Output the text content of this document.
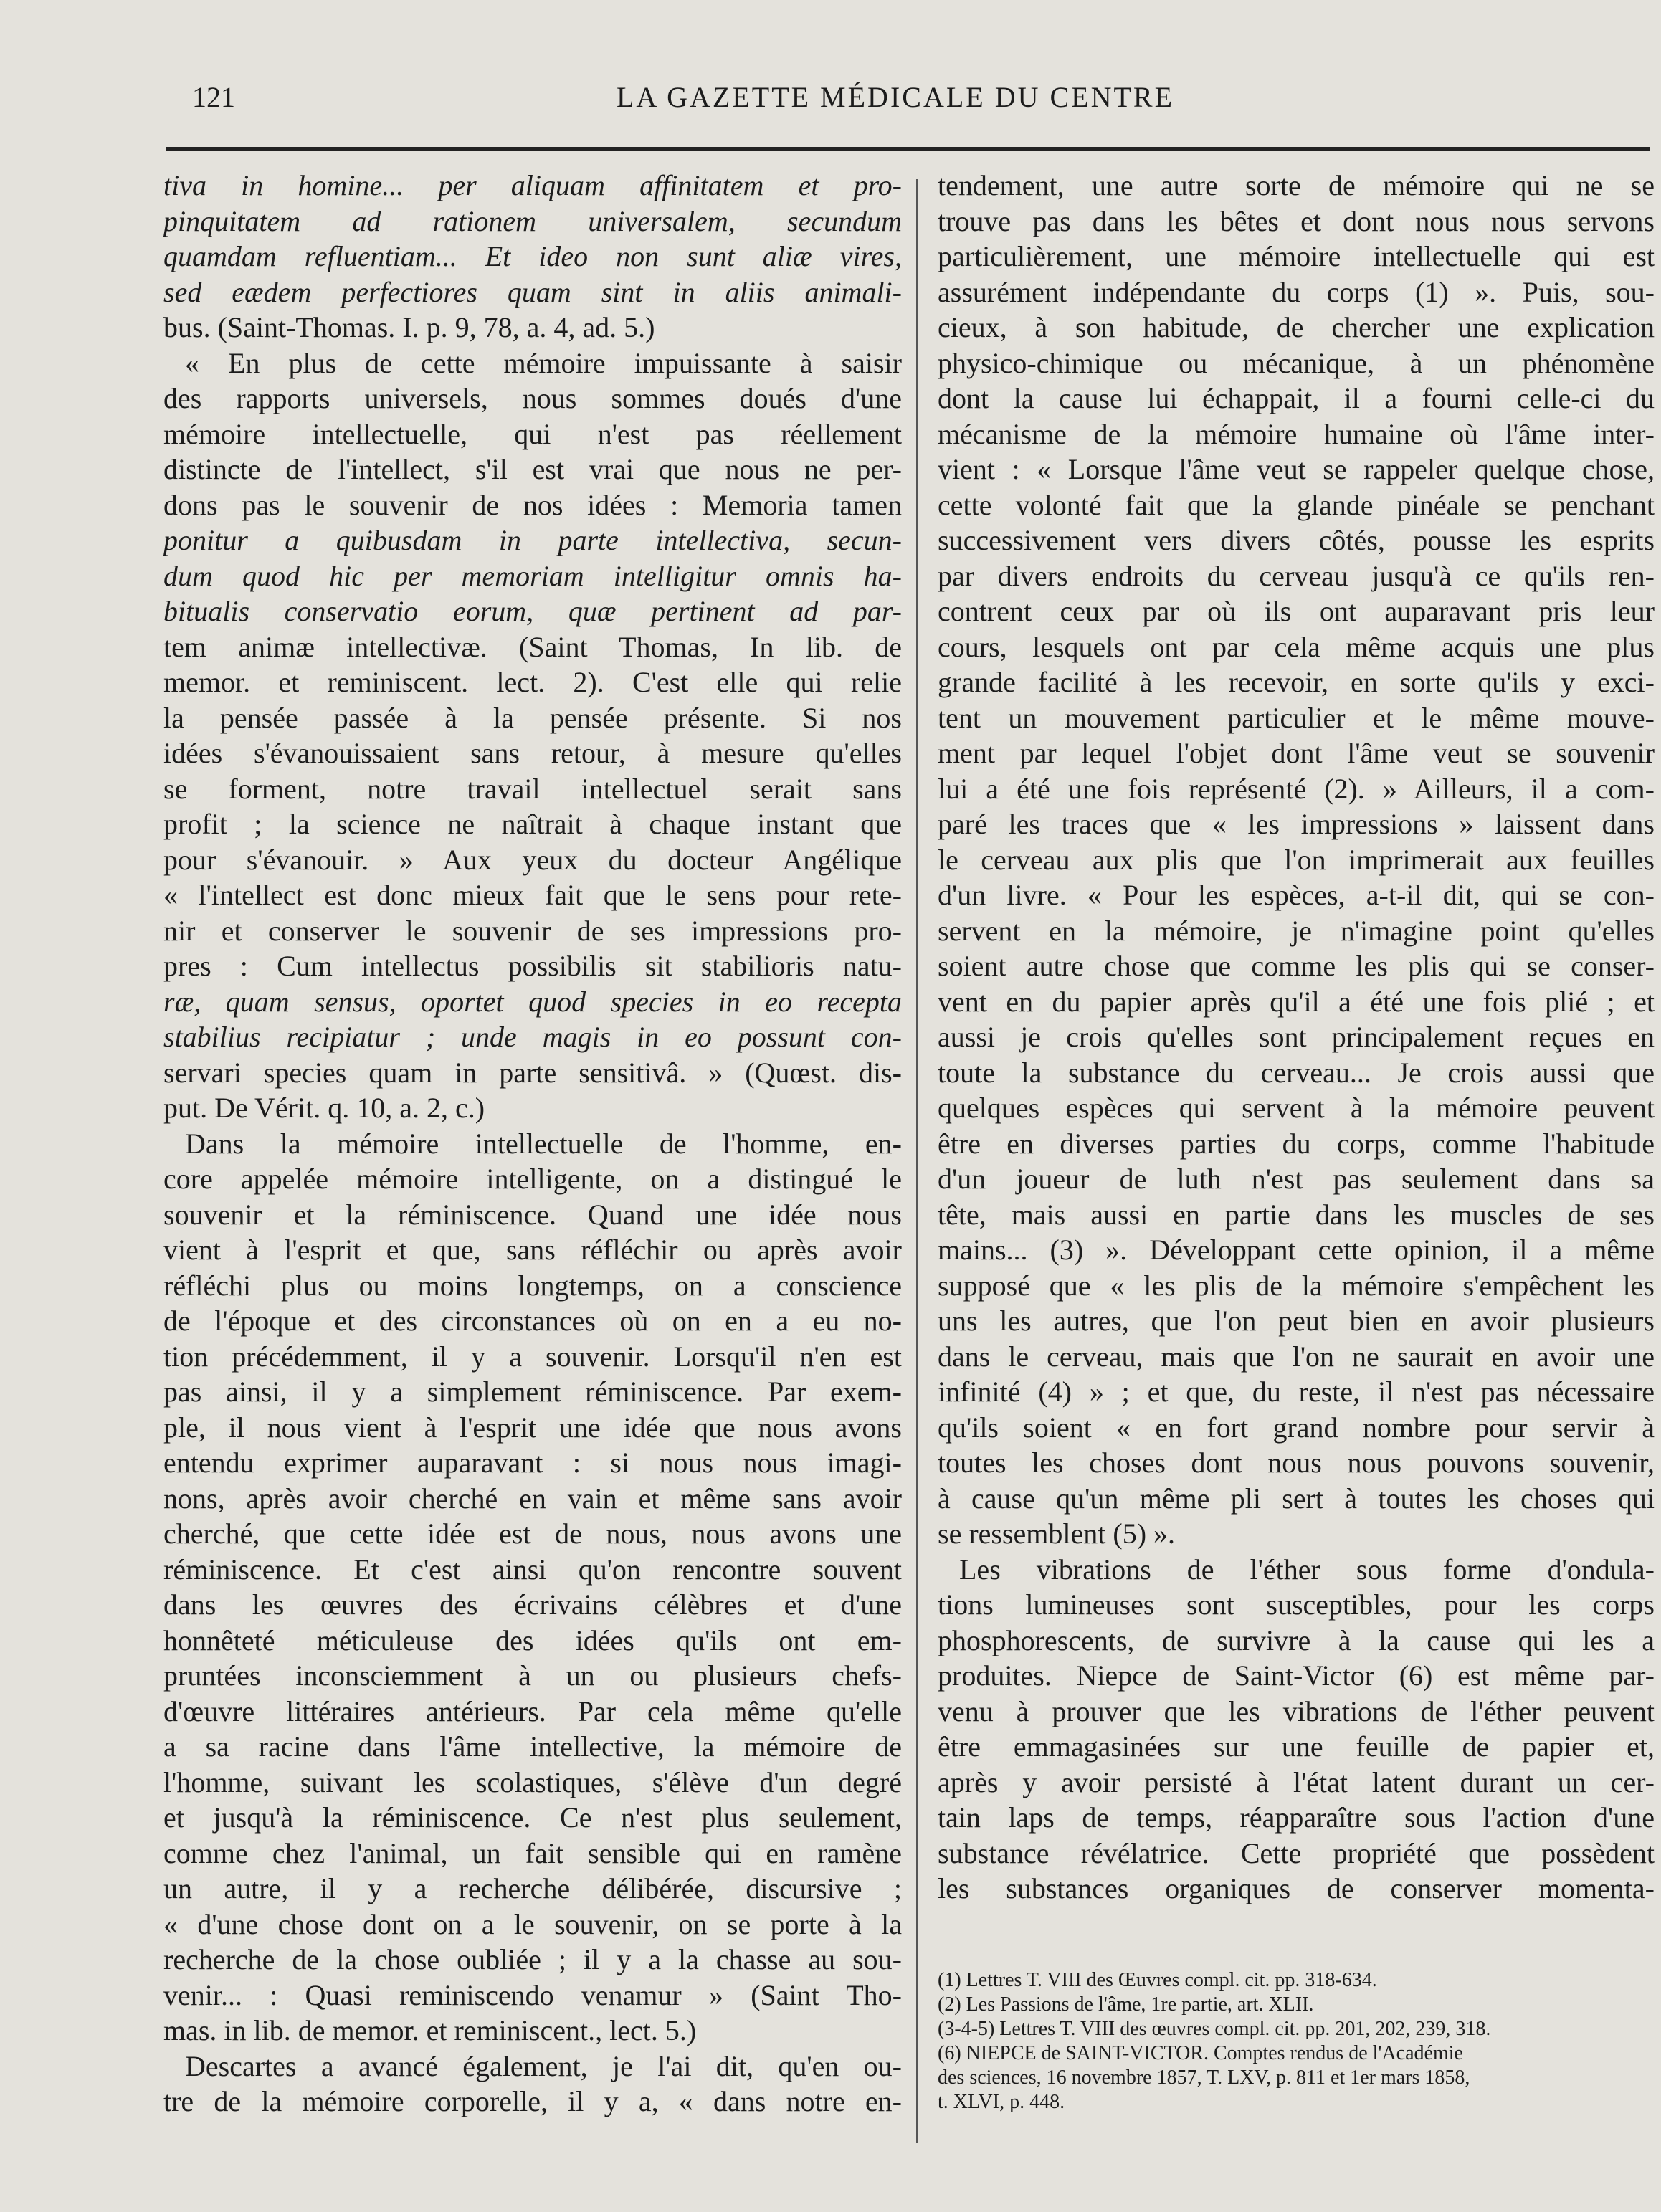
121	LA GAZETTE MÉDICALE DU CENTRE
tiva in homine... per aliquam affinitatem et pro-
pinquitatem ad rationem universalem, secundum
quamdam refluentiam... Et ideo non sunt aliæ vires,
sed eædem perfectiores quam sint in aliis animali-
bus. (Saint-Thomas. I. p. 9, 78, a. 4, ad. 5.)
« En plus de cette mémoire impuissante à saisir
des rapports universels, nous sommes doués d'une
mémoire intellectuelle, qui n'est pas réellement
distincte de l'intellect, s'il est vrai que nous ne per-
dons pas le souvenir de nos idées : Memoria tamen
ponitur a quibusdam in parte intellectiva, secun-
dum quod hic per memoriam intelligitur omnis ha-
bitualis conservatio eorum, quæ pertinent ad par-
tem animæ intellectivæ. (Saint Thomas, In lib. de
memor. et reminiscent. lect. 2). C'est elle qui relie
la pensée passée à la pensée présente. Si nos
idées s'évanouissaient sans retour, à mesure qu'elles
se forment, notre travail intellectuel serait sans
profit ; la science ne naîtrait à chaque instant que
pour s'évanouir. » Aux yeux du docteur Angélique
« l'intellect est donc mieux fait que le sens pour rete-
nir et conserver le souvenir de ses impressions pro-
pres : Cum intellectus possibilis sit stabilioris natu-
ræ, quam sensus, oportet quod species in eo recepta
stabilius recipiatur ; unde magis in eo possunt con-
servari species quam in parte sensitivâ. » (Quœst. dis-
put. De Vérit. q. 10, a. 2, c.)
Dans la mémoire intellectuelle de l'homme, en-
core appelée mémoire intelligente, on a distingué le
souvenir et la réminiscence. Quand une idée nous
vient à l'esprit et que, sans réfléchir ou après avoir
réfléchi plus ou moins longtemps, on a conscience
de l'époque et des circonstances où on en a eu no-
tion précédemment, il y a souvenir. Lorsqu'il n'en est
pas ainsi, il y a simplement réminiscence. Par exem-
ple, il nous vient à l'esprit une idée que nous avons
entendu exprimer auparavant : si nous nous imagi-
nons, après avoir cherché en vain et même sans avoir
cherché, que cette idée est de nous, nous avons une
réminiscence. Et c'est ainsi qu'on rencontre souvent
dans les œuvres des écrivains célèbres et d'une
honnêteté méticuleuse des idées qu'ils ont em-
pruntées inconsciemment à un ou plusieurs chefs-
d'œuvre littéraires antérieurs. Par cela même qu'elle
a sa racine dans l'âme intellective, la mémoire de
l'homme, suivant les scolastiques, s'élève d'un degré
et jusqu'à la réminiscence. Ce n'est plus seulement,
comme chez l'animal, un fait sensible qui en ramène
un autre, il y a recherche délibérée, discursive ;
« d'une chose dont on a le souvenir, on se porte à la
recherche de la chose oubliée ; il y a la chasse au sou-
venir... : Quasi reminiscendo venamur » (Saint Tho-
mas. in lib. de memor. et reminiscent., lect. 5.)
Descartes a avancé également, je l'ai dit, qu'en ou-
tre de la mémoire corporelle, il y a, « dans notre en-
tendement, une autre sorte de mémoire qui ne se
trouve pas dans les bêtes et dont nous nous servons
particulièrement, une mémoire intellectuelle qui est
assurément indépendante du corps (1) ». Puis, sou-
cieux, à son habitude, de chercher une explication
physico-chimique ou mécanique, à un phénomène
dont la cause lui échappait, il a fourni celle-ci du
mécanisme de la mémoire humaine où l'âme inter-
vient : « Lorsque l'âme veut se rappeler quelque chose,
cette volonté fait que la glande pinéale se penchant
successivement vers divers côtés, pousse les esprits
par divers endroits du cerveau jusqu'à ce qu'ils ren-
contrent ceux par où ils ont auparavant pris leur
cours, lesquels ont par cela même acquis une plus
grande facilité à les recevoir, en sorte qu'ils y exci-
tent un mouvement particulier et le même mouve-
ment par lequel l'objet dont l'âme veut se souvenir
lui a été une fois représenté (2). » Ailleurs, il a com-
paré les traces que « les impressions » laissent dans
le cerveau aux plis que l'on imprimerait aux feuilles
d'un livre. « Pour les espèces, a-t-il dit, qui se con-
servent en la mémoire, je n'imagine point qu'elles
soient autre chose que comme les plis qui se conser-
vent en du papier après qu'il a été une fois plié ; et
aussi je crois qu'elles sont principalement reçues en
toute la substance du cerveau... Je crois aussi que
quelques espèces qui servent à la mémoire peuvent
être en diverses parties du corps, comme l'habitude
d'un joueur de luth n'est pas seulement dans sa
tête, mais aussi en partie dans les muscles de ses
mains... (3) ». Développant cette opinion, il a même
supposé que « les plis de la mémoire s'empêchent les
uns les autres, que l'on peut bien en avoir plusieurs
dans le cerveau, mais que l'on ne saurait en avoir une
infinité (4) » ; et que, du reste, il n'est pas nécessaire
qu'ils soient « en fort grand nombre pour servir à
toutes les choses dont nous nous pouvons souvenir,
à cause qu'un même pli sert à toutes les choses qui
se ressemblent (5) ».
Les vibrations de l'éther sous forme d'ondula-
tions lumineuses sont susceptibles, pour les corps
phosphorescents, de survivre à la cause qui les a
produites. Niepce de Saint-Victor (6) est même par-
venu à prouver que les vibrations de l'éther peuvent
être emmagasinées sur une feuille de papier et,
après y avoir persisté à l'état latent durant un cer-
tain laps de temps, réapparaître sous l'action d'une
substance révélatrice. Cette propriété que possèdent
les substances organiques de conserver momenta-
(1) Lettres T. VIII des Œuvres compl. cit. pp. 318-634.
(2) Les Passions de l'âme, 1re partie, art. XLII.
(3-4-5) Lettres T. VIII des œuvres compl. cit. pp. 201, 202, 239, 318.
(6) NIEPCE de SAINT-VICTOR. Comptes rendus de l'Académie
des sciences, 16 novembre 1857, T. LXV, p. 811 et 1er mars 1858,
t. XLVI, p. 448.
